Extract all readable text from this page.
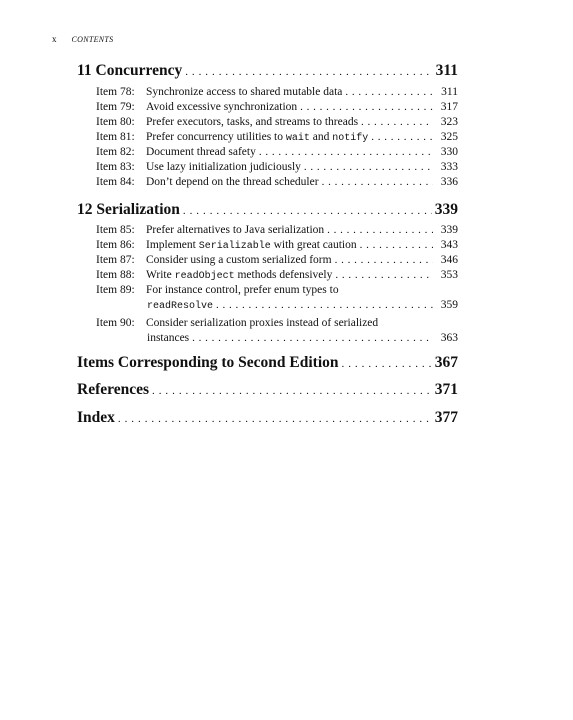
x CONTENTS
11 Concurrency . . .	311
Item 78: Synchronize access to shared mutable data . . .	311
Item 79: Avoid excessive synchronization . . .	317
Item 80: Prefer executors, tasks, and streams to threads . . .	323
Item 81: Prefer concurrency utilities to wait and notify . . .	325
Item 82: Document thread safety . . .	330
Item 83: Use lazy initialization judiciously . . .	333
Item 84: Don’t depend on the thread scheduler . . .	336
12 Serialization . . .	339
Item 85: Prefer alternatives to Java serialization . . .	339
Item 86: Implement Serializable with great caution . . .	343
Item 87: Consider using a custom serialized form . . .	346
Item 88: Write readObject methods defensively . . .	353
Item 89: For instance control, prefer enum types to
readResolve . . .	359
Item 90: Consider serialization proxies instead of serialized
instances . . .	363
Items Corresponding to Second Edition . . .	367
References . . .	371
Index . . .	377
